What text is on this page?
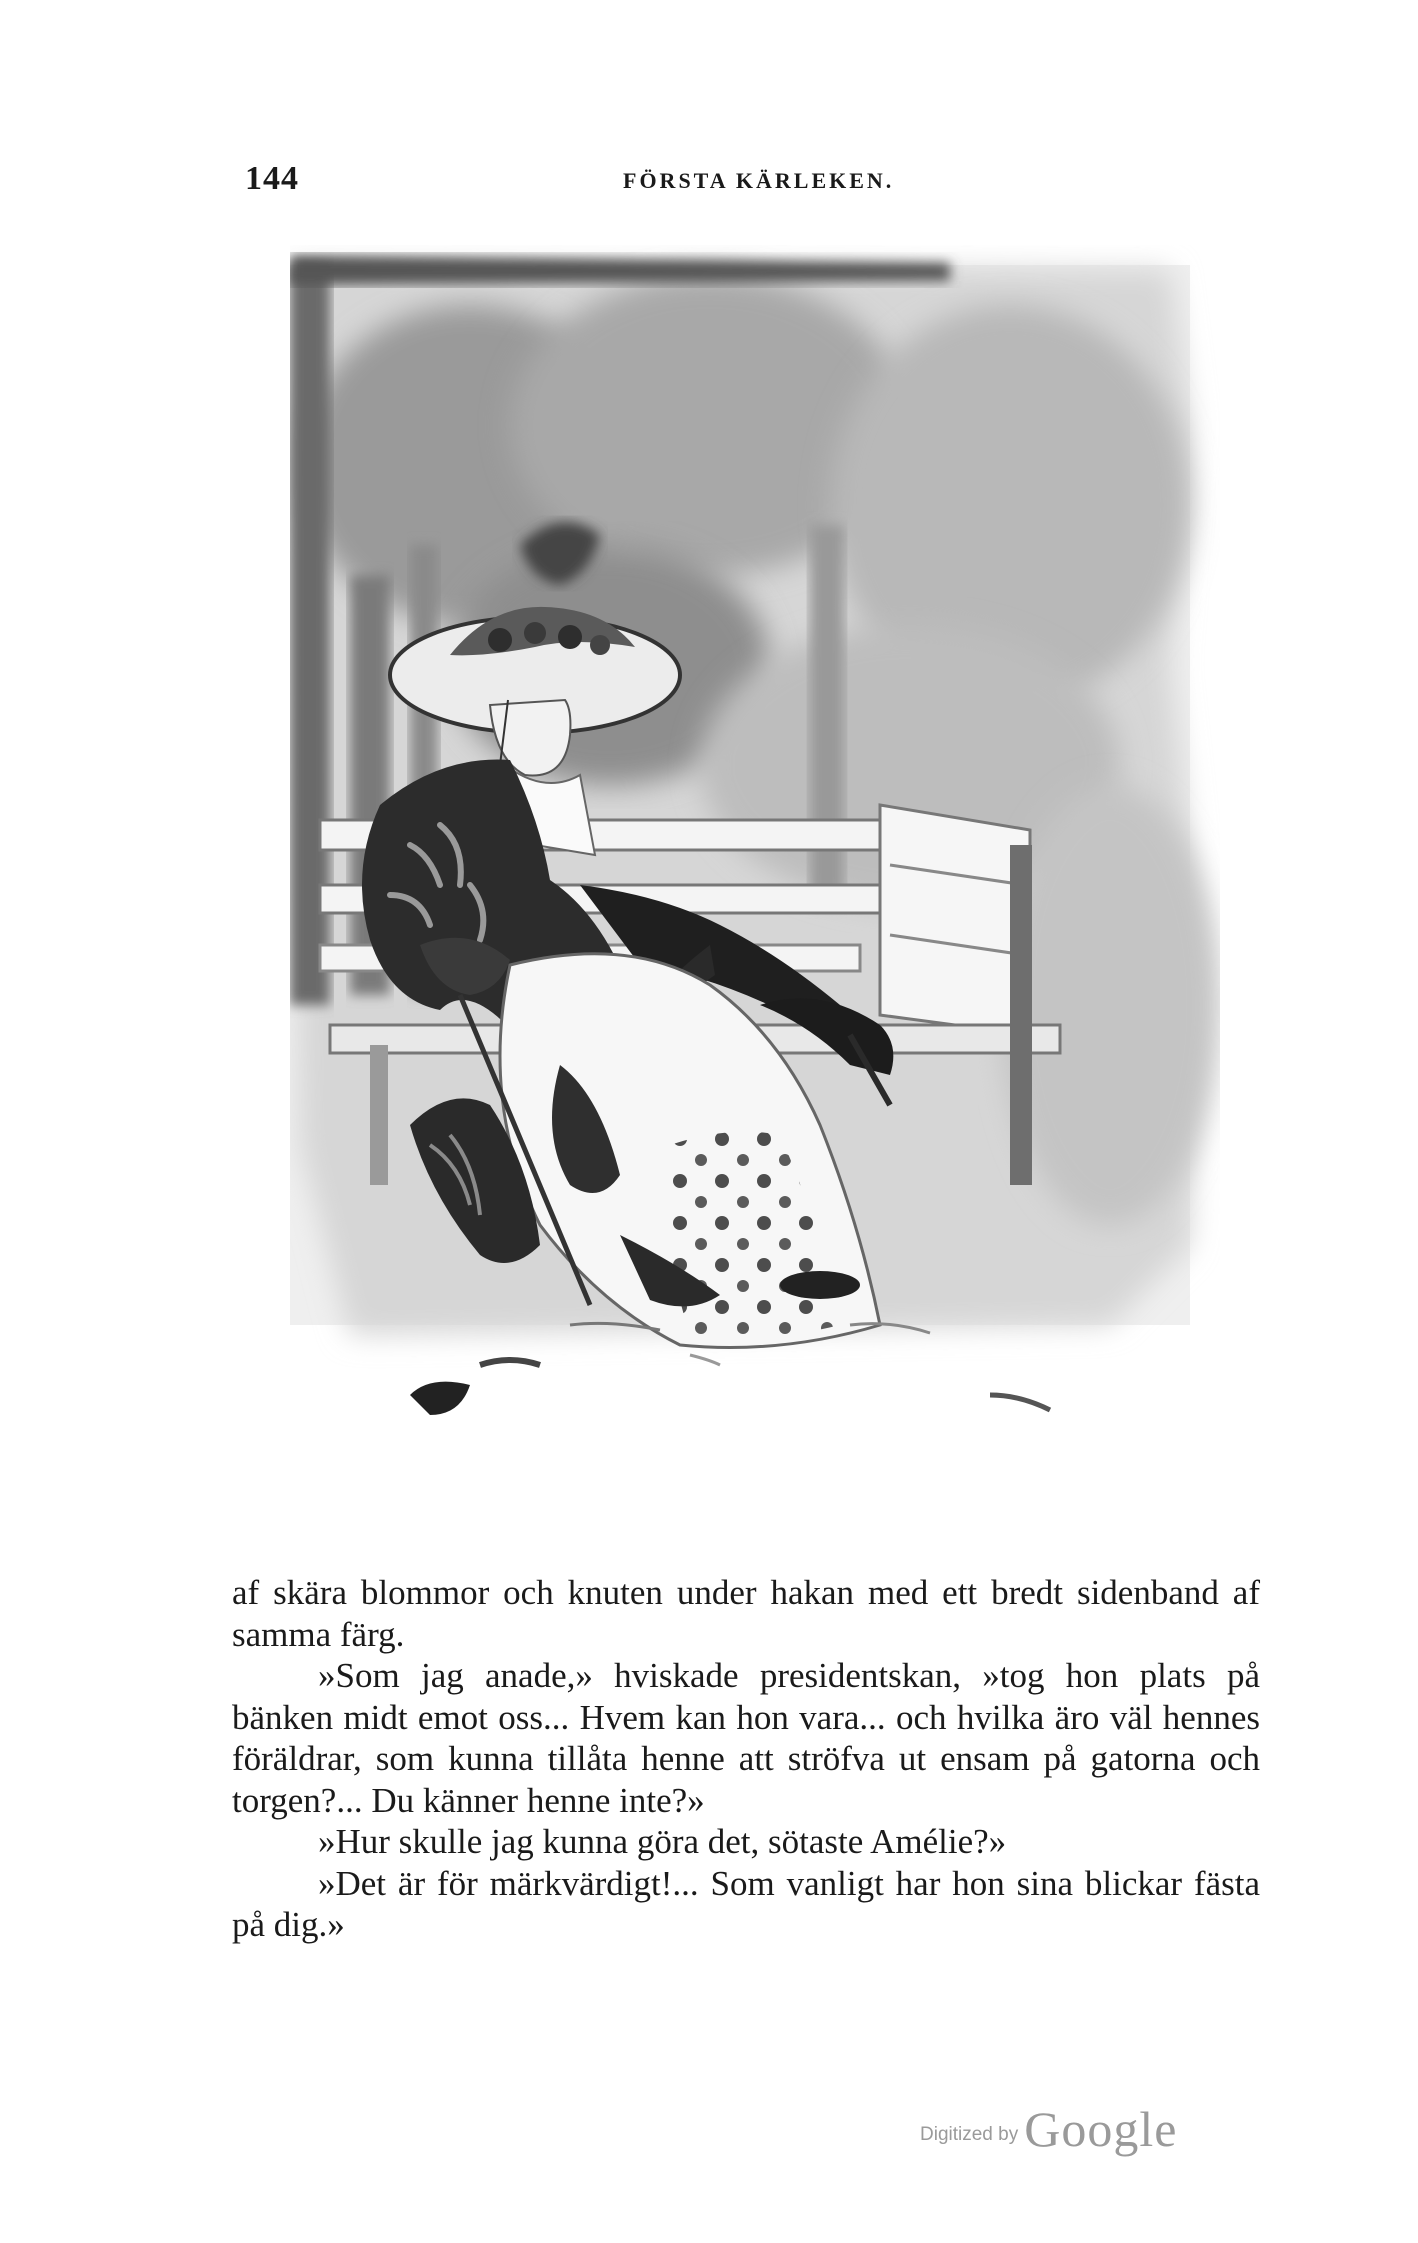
144	FÖRSTA KÄRLEKEN.

af skära blommor och knuten under hakan med ett bredt sidenband af samma färg.

»Som jag anade,» hviskade presidentskan, »tog hon plats på bänken midt emot oss... Hvem kan hon vara... och hvilka äro väl hennes föräldrar, som kunna tillåta henne att ströfva ut ensam på gatorna och torgen?... Du känner henne inte?»

»Hur skulle jag kunna göra det, sötaste Amélie?»

»Det är för märkvärdigt!... Som vanligt har hon sina blickar fästa på dig.»

Digitized by Google
